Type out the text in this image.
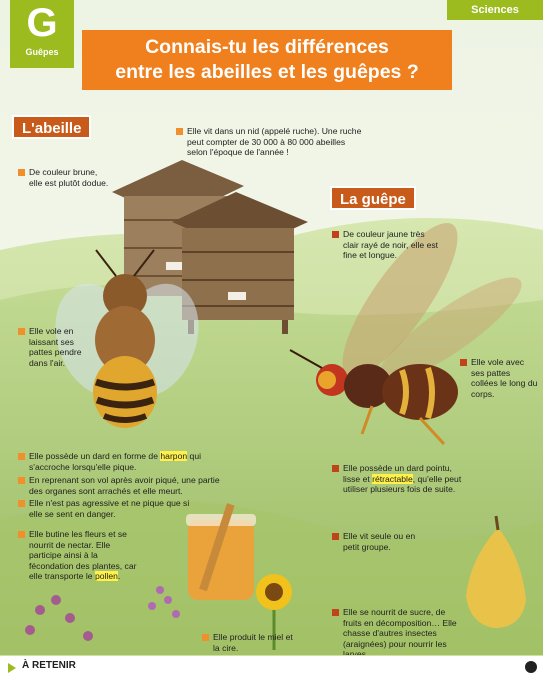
G
Guêpes
Sciences
Connais-tu les différences
entre les abeilles et les guêpes ?
L'abeille
De couleur brune, elle est plutôt dodue.
Elle vit dans un nid (appelé ruche). Une ruche peut compter de 30 000 à 80 000 abeilles selon l'époque de l'année !
Elle vole en laissant ses pattes pendre dans l'air.
Elle possède un dard en forme de harpon qui s'accroche lorsqu'elle pique.
En reprenant son vol après avoir piqué, une partie des organes sont arrachés et elle meurt.
Elle n'est pas agressive et ne pique que si elle se sent en danger.
Elle butine les fleurs et se nourrit de nectar. Elle participe ainsi à la fécondation des plantes, car elle transporte le pollen.
Elle produit le miel et la cire.
La guêpe
De couleur jaune très clair rayé de noir, elle est fine et longue.
Elle vole avec ses pattes collées le long du corps.
Elle possède un dard pointu, lisse et rétractable, qu'elle peut utiliser plusieurs fois de suite.
Elle vit seule ou en petit groupe.
Elle se nourrit de sucre, de fruits en décomposition… Elle chasse d'autres insectes (araignées) pour nourrir les
À RETENIR
